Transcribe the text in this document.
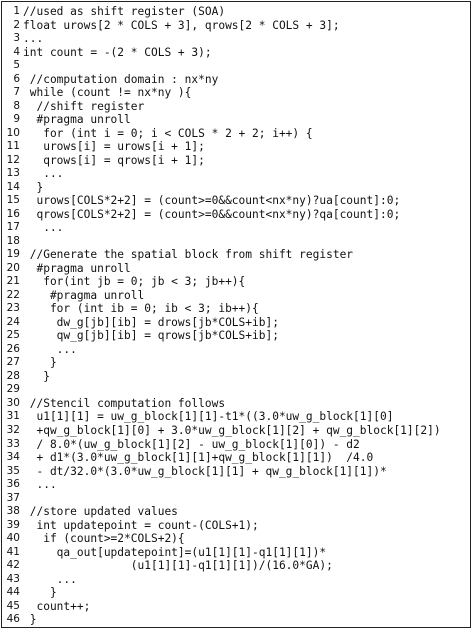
1 //used as shift register (SOA)
2 float urows[2 * COLS + 3], qrows[2 * COLS + 3];
3 ...
4 int count = -(2 * COLS + 3);
5
6 //computation domain : nx*ny
7 while (count != nx*ny ){
8 //shift register
9 #pragma unroll
10 for (int i = 0; i < COLS * 2 + 2; i++) {
11 urows[i] = urows[i + 1];
12 qrows[i] = qrows[i + 1];
13 ...
14 }
15 urows[COLS*2+2] = (count>=0&&count<nx*ny)?ua[count]:0;
16 qrows[COLS*2+2] = (count>=0&&count<nx*ny)?qa[count]:0;
17 ...
18
19 //Generate the spatial block from shift register
20 #pragma unroll
21 for(int jb = 0; jb < 3; jb++){
22 #pragma unroll
23 for (int ib = 0; ib < 3; ib++){
24 dw_g[jb][ib] = drows[jb*COLS+ib];
25 qw_g[jb][ib] = qrows[jb*COLS+ib];
26 ...
27 }
28 }
29
30 //Stencil computation follows
31 u1[1][1] = uw_g_block[1][1]-t1*((3.0*uw_g_block[1][0]
32 +qw_g_block[1][0] + 3.0*uw_g_block[1][2] + qw_g_block[1][2])
33 / 8.0*(uw_g_block[1][2] - uw_g_block[1][0]) - d2
34 + d1*(3.0*uw_g_block[1][1]+qw_g_block[1][1])  /4.0
35 - dt/32.0*(3.0*uw_g_block[1][1] + qw_g_block[1][1])*
36 ...
37
38 //store updated values
39 int updatepoint = count-(COLS+1);
40 if (count>=2*COLS+2){
41 qa_out[updatepoint]=(u1[1][1]-q1[1][1])*
42 (u1[1][1]-q1[1][1])/(16.0*GA);
43 ...
44 }
45 count++;
46 }
